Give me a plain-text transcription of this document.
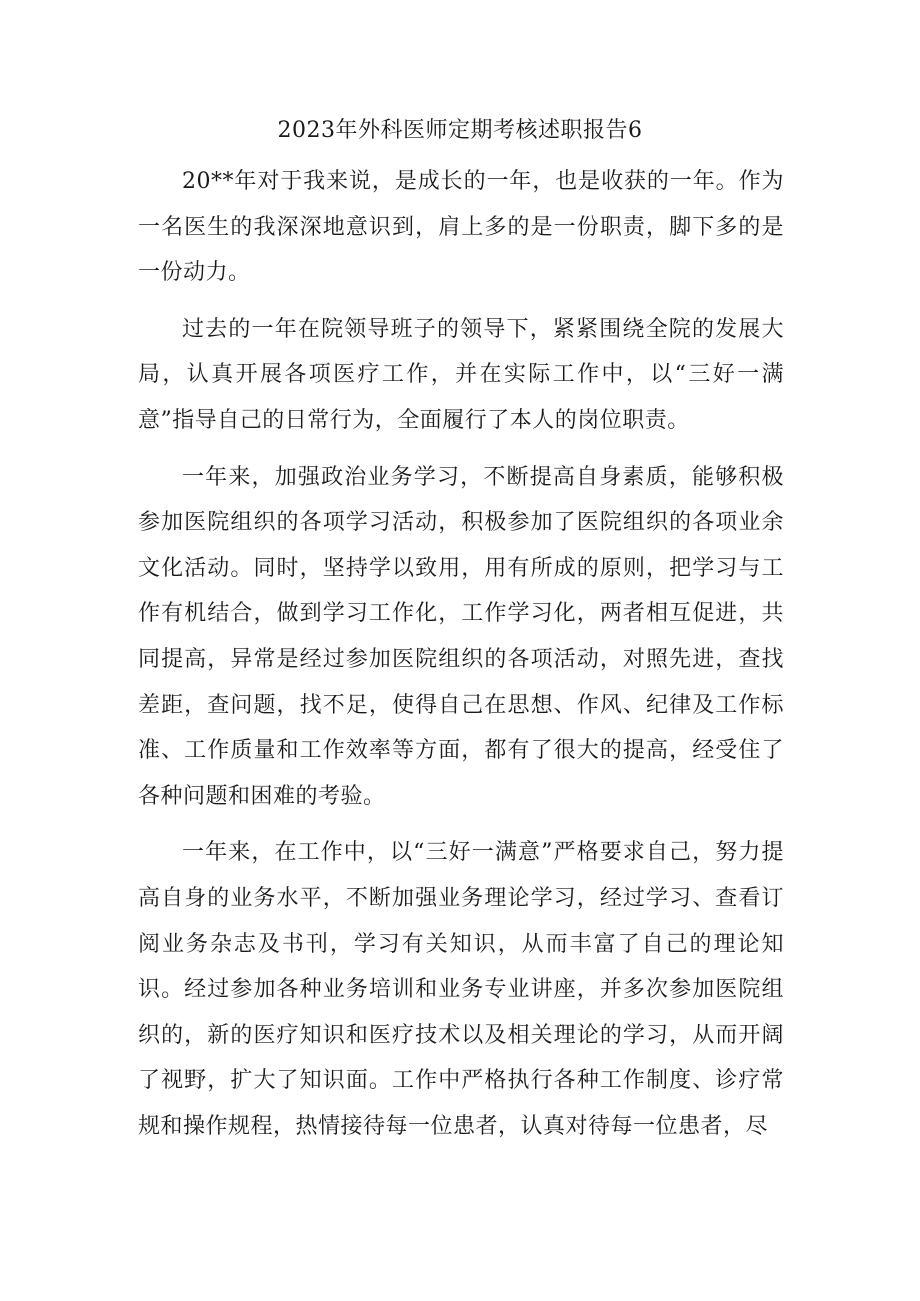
2023年外科医师定期考核述职报告6

20**年对于我来说，是成长的一年，也是收获的一年。作为一名医生的我深深地意识到，肩上多的是一份职责，脚下多的是一份动力。

过去的一年在院领导班子的领导下，紧紧围绕全院的发展大局，认真开展各项医疗工作，并在实际工作中，以“三好一满意”指导自己的日常行为，全面履行了本人的岗位职责。

一年来，加强政治业务学习，不断提高自身素质，能够积极参加医院组织的各项学习活动，积极参加了医院组织的各项业余文化活动。同时，坚持学以致用，用有所成的原则，把学习与工作有机结合，做到学习工作化，工作学习化，两者相互促进，共同提高，异常是经过参加医院组织的各项活动，对照先进，查找差距，查问题，找不足，使得自己在思想、作风、纪律及工作标准、工作质量和工作效率等方面，都有了很大的提高，经受住了各种问题和困难的考验。

一年来，在工作中，以“三好一满意”严格要求自己，努力提高自身的业务水平，不断加强业务理论学习，经过学习、查看订阅业务杂志及书刊，学习有关知识，从而丰富了自己的理论知识。经过参加各种业务培训和业务专业讲座，并多次参加医院组织的，新的医疗知识和医疗技术以及相关理论的学习，从而开阔了视野，扩大了知识面。工作中严格执行各种工作制度、诊疗常规和操作规程，热情接待每一位患者，认真对待每一位患者，尽
